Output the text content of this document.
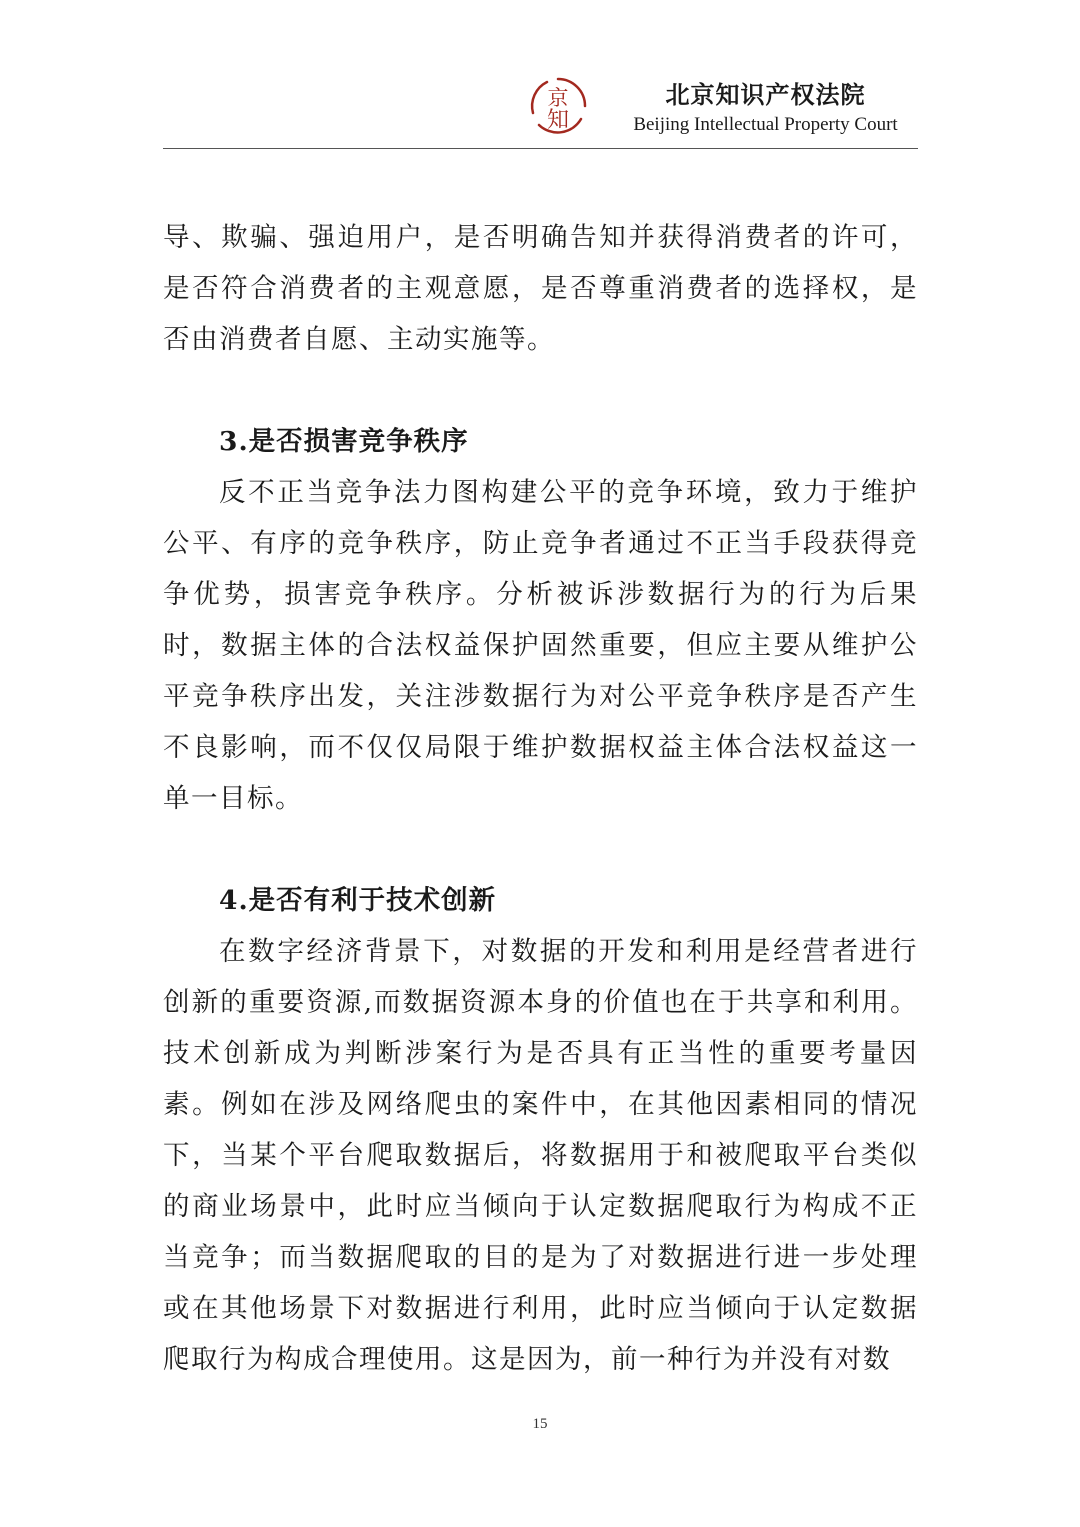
京
知
北京知识产权法院
Beijing Intellectual Property Court

导、欺骗、强迫用户，是否明确告知并获得消费者的许可，是否符合消费者的主观意愿，是否尊重消费者的选择权，是否由消费者自愿、主动实施等。

3.是否损害竞争秩序

反不正当竞争法力图构建公平的竞争环境，致力于维护公平、有序的竞争秩序，防止竞争者通过不正当手段获得竞争优势，损害竞争秩序。分析被诉涉数据行为的行为后果时，数据主体的合法权益保护固然重要，但应主要从维护公平竞争秩序出发，关注涉数据行为对公平竞争秩序是否产生不良影响，而不仅仅局限于维护数据权益主体合法权益这一单一目标。

4.是否有利于技术创新

在数字经济背景下，对数据的开发和利用是经营者进行创新的重要资源,而数据资源本身的价值也在于共享和利用。技术创新成为判断涉案行为是否具有正当性的重要考量因素。例如在涉及网络爬虫的案件中，在其他因素相同的情况下，当某个平台爬取数据后，将数据用于和被爬取平台类似的商业场景中，此时应当倾向于认定数据爬取行为构成不正当竞争；而当数据爬取的目的是为了对数据进行进一步处理或在其他场景下对数据进行利用，此时应当倾向于认定数据爬取行为构成合理使用。这是因为，前一种行为并没有对数

15
